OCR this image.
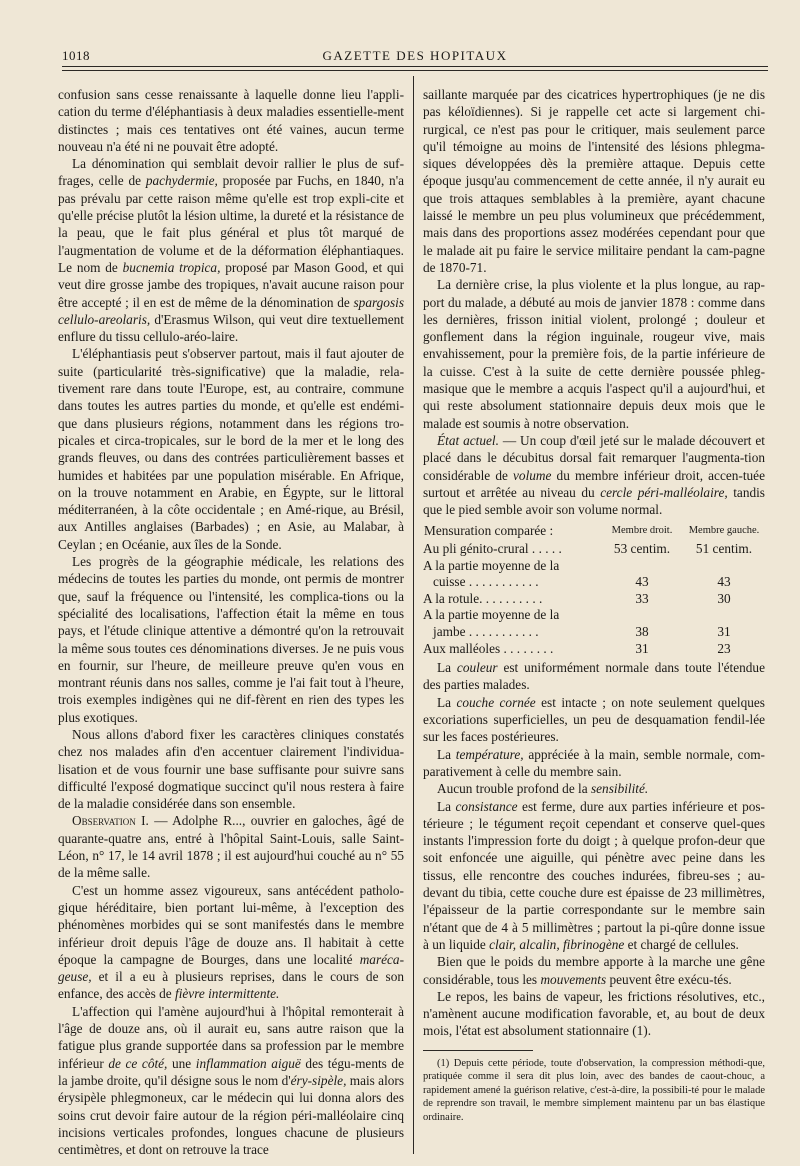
1018	GAZETTE DES HOPITAUX

confusion sans cesse renaissante à laquelle donne lieu l'appli-cation du terme d'éléphantiasis à deux maladies essentielle-ment distinctes ; mais ces tentatives ont été vaines, aucun terme nouveau n'a été ni ne pouvait être adopté.

La dénomination qui semblait devoir rallier le plus de suf-frages, celle de pachydermie, proposée par Fuchs, en 1840, n'a pas prévalu par cette raison même qu'elle est trop expli-cite et qu'elle précise plutôt la lésion ultime, la dureté et la résistance de la peau, que le fait plus général et plus tôt marqué de l'augmentation de volume et de la déformation éléphantiaques. Le nom de bucnemia tropica, proposé par Mason Good, et qui veut dire grosse jambe des tropiques, n'avait aucune raison pour être accepté ; il en est de même de la dénomination de spargosis cellulo-areolaris, d'Erasmus Wilson, qui veut dire textuellement enflure du tissu cellulo-aréo-laire.

L'éléphantiasis peut s'observer partout, mais il faut ajouter de suite (particularité très-significative) que la maladie, rela-tivement rare dans toute l'Europe, est, au contraire, commune dans toutes les autres parties du monde, et qu'elle est endémi-que dans plusieurs régions, notamment dans les régions tro-picales et circa-tropicales, sur le bord de la mer et le long des grands fleuves, ou dans des contrées particulièrement basses et humides et habitées par une population misérable. En Afrique, on la trouve notamment en Arabie, en Égypte, sur le littoral méditerranéen, à la côte occidentale ; en Amé-rique, au Brésil, aux Antilles anglaises (Barbades) ; en Asie, au Malabar, à Ceylan ; en Océanie, aux îles de la Sonde.

Les progrès de la géographie médicale, les relations des médecins de toutes les parties du monde, ont permis de montrer que, sauf la fréquence ou l'intensité, les complica-tions ou la spécialité des localisations, l'affection était la même en tous pays, et l'étude clinique attentive a démontré qu'on la retrouvait la même sous toutes ces dénominations diverses. Je ne puis vous en fournir, sur l'heure, de meilleure preuve qu'en vous en montrant réunis dans nos salles, comme je l'ai fait tout à l'heure, trois exemples indigènes qui ne dif-fèrent en rien des types les plus exotiques.

Nous allons d'abord fixer les caractères cliniques constatés chez nos malades afin d'en accentuer clairement l'individua-lisation et de vous fournir une base suffisante pour suivre sans difficulté l'exposé dogmatique succinct qu'il nous restera à faire de la maladie considérée dans son ensemble.

Observation I. — Adolphe R..., ouvrier en galoches, âgé de quarante-quatre ans, entré à l'hôpital Saint-Louis, salle Saint-Léon, n° 17, le 14 avril 1878 ; il est aujourd'hui couché au n° 55 de la même salle.

C'est un homme assez vigoureux, sans antécédent patholo-gique héréditaire, bien portant lui-même, à l'exception des phénomènes morbides qui se sont manifestés dans le membre inférieur droit depuis l'âge de douze ans. Il habitait à cette époque la campagne de Bourges, dans une localité maréca-geuse, et il a eu à plusieurs reprises, dans le cours de son enfance, des accès de fièvre intermittente.

L'affection qui l'amène aujourd'hui à l'hôpital remonterait à l'âge de douze ans, où il aurait eu, sans autre raison que la fatigue plus grande supportée dans sa profession par le membre inférieur de ce côté, une inflammation aiguë des tégu-ments de la jambe droite, qu'il désigne sous le nom d'éry-sipèle, mais alors érysipèle phlegmoneux, car le médecin qui lui donna alors des soins crut devoir faire autour de la région péri-malléolaire cinq incisions verticales profondes, longues chacune de plusieurs centimètres, et dont on retrouve la trace

saillante marquée par des cicatrices hypertrophiques (je ne dis pas kéloïdiennes). Si je rappelle cet acte si largement chi-rurgical, ce n'est pas pour le critiquer, mais seulement parce qu'il témoigne au moins de l'intensité des lésions phlegma-siques développées dès la première attaque. Depuis cette époque jusqu'au commencement de cette année, il n'y aurait eu que trois attaques semblables à la première, ayant chacune laissé le membre un peu plus volumineux que précédemment, mais dans des proportions assez modérées cependant pour que le malade ait pu faire le service militaire pendant la cam-pagne de 1870-71.

La dernière crise, la plus violente et la plus longue, au rap-port du malade, a débuté au mois de janvier 1878 : comme dans les dernières, frisson initial violent, prolongé ; douleur et gonflement dans la région inguinale, rougeur vive, mais envahissement, pour la première fois, de la partie inférieure de la cuisse. C'est à la suite de cette dernière poussée phleg-masique que le membre a acquis l'aspect qu'il a aujourd'hui, et qui reste absolument stationnaire depuis deux mois que le malade est soumis à notre observation.

État actuel. — Un coup d'œil jeté sur le malade découvert et placé dans le décubitus dorsal fait remarquer l'augmenta-tion considérable de volume du membre inférieur droit, accen-tuée surtout et arrêtée au niveau du cercle péri-malléolaire, tandis que le pied semble avoir son volume normal.

Mensuration comparée :	Membre droit.	Membre gauche.
Au pli génito-crural . . . . .	53 centim.	51 centim.
A la partie moyenne de la		
cuisse . . . . . . . . . . .	43	43
A la rotule. . . . . . . . . .	33	30
A la partie moyenne de la		
jambe . . . . . . . . . . .	38	31
Aux malléoles . . . . . . . .	31	23

La couleur est uniformément normale dans toute l'étendue des parties malades.

La couche cornée est intacte ; on note seulement quelques excoriations superficielles, un peu de desquamation fendil-lée sur les faces postérieures.

La température, appréciée à la main, semble normale, com-parativement à celle du membre sain.

Aucun trouble profond de la sensibilité.

La consistance est ferme, dure aux parties inférieure et pos-térieure ; le tégument reçoit cependant et conserve quel-ques instants l'impression forte du doigt ; à quelque profon-deur que soit enfoncée une aiguille, qui pénètre avec peine dans les tissus, elle rencontre des couches indurées, fibreu-ses ; au-devant du tibia, cette couche dure est épaisse de 23 millimètres, l'épaisseur de la partie correspondante sur le membre sain n'étant que de 4 à 5 millimètres ; partout la pi-qûre donne issue à un liquide clair, alcalin, fibrinogène et chargé de cellules.

Bien que le poids du membre apporte à la marche une gêne considérable, tous les mouvements peuvent être exécu-tés.

Le repos, les bains de vapeur, les frictions résolutives, etc., n'amènent aucune modification favorable, et, au bout de deux mois, l'état est absolument stationnaire (1).

(1) Depuis cette période, toute d'observation, la compression méthodi-que, pratiquée comme il sera dit plus loin, avec des bandes de caout-chouc, a rapidement amené la guérison relative, c'est-à-dire, la possibili-té pour le malade de reprendre son travail, le membre simplement maintenu par un bas élastique ordinaire.
